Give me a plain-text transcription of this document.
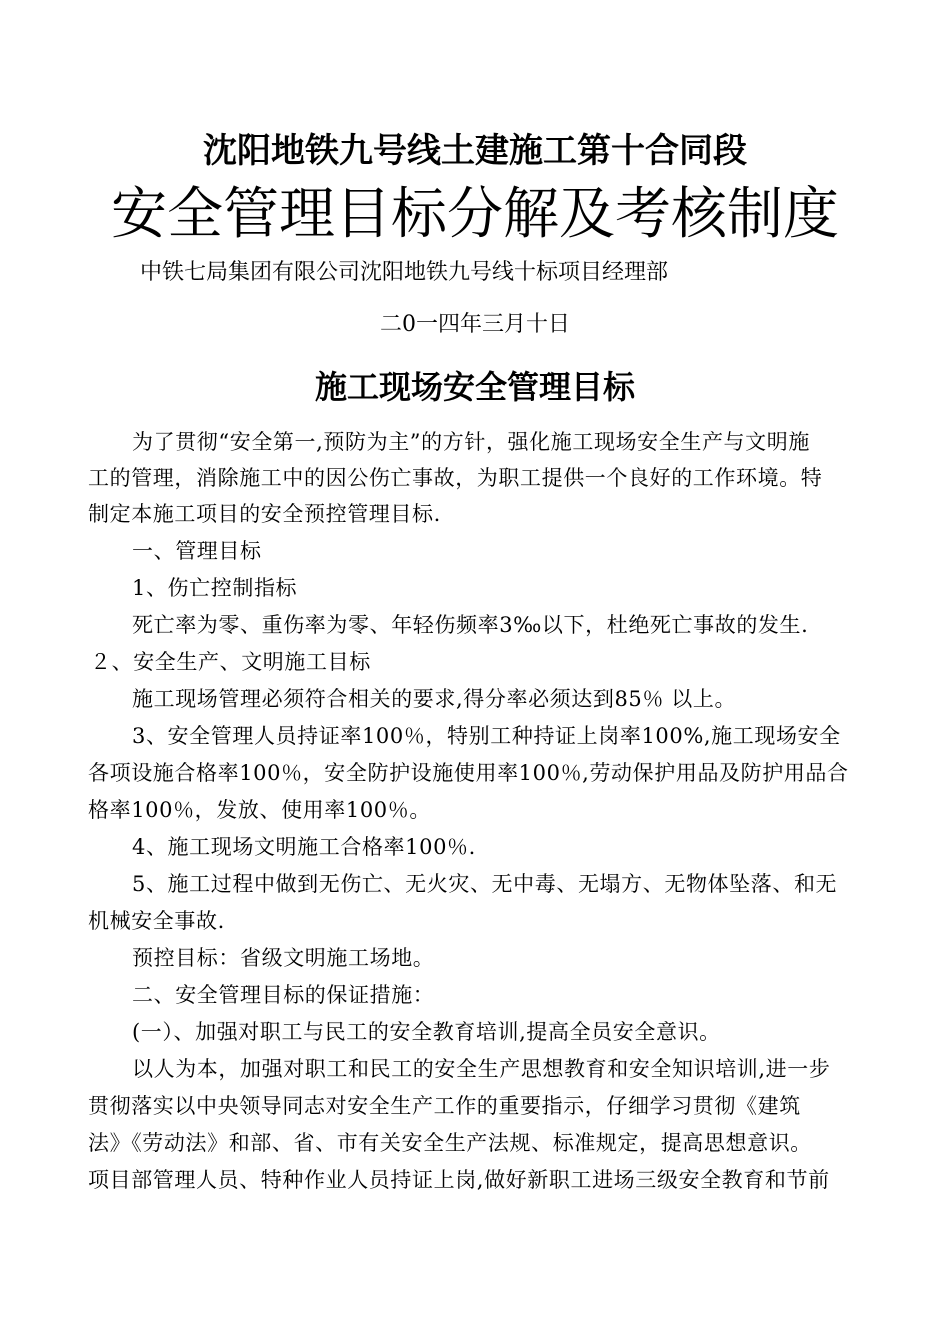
沈阳地铁九号线土建施工第十合同段
安全管理目标分解及考核制度
中铁七局集团有限公司沈阳地铁九号线十标项目经理部
二0一四年三月十日
施工现场安全管理目标
为了贯彻“安全第一,预防为主”的方针，强化施工现场安全生产与文明施
工的管理，消除施工中的因公伤亡事故，为职工提供一个良好的工作环境。特
制定本施工项目的安全预控管理目标.
一、管理目标
1、伤亡控制指标
死亡率为零、重伤率为零、年轻伤频率3‰以下，杜绝死亡事故的发生.
２、安全生产、文明施工目标
施工现场管理必须符合相关的要求,得分率必须达到85％ 以上。
3、安全管理人员持证率100％，特别工种持证上岗率100%,施工现场安全
各项设施合格率100％，安全防护设施使用率100％,劳动保护用品及防护用品合
格率100％，发放、使用率100％。
4、施工现场文明施工合格率100％.
5、施工过程中做到无伤亡、无火灾、无中毒、无塌方、无物体坠落、和无
机械安全事故.
预控目标：省级文明施工场地。
二、安全管理目标的保证措施：
(一）、加强对职工与民工的安全教育培训,提高全员安全意识。
以人为本，加强对职工和民工的安全生产思想教育和安全知识培训,进一步
贯彻落实以中央领导同志对安全生产工作的重要指示，仔细学习贯彻《建筑
法》《劳动法》和部、省、市有关安全生产法规、标准规定，提高思想意识。
项目部管理人员、特种作业人员持证上岗,做好新职工进场三级安全教育和节前
